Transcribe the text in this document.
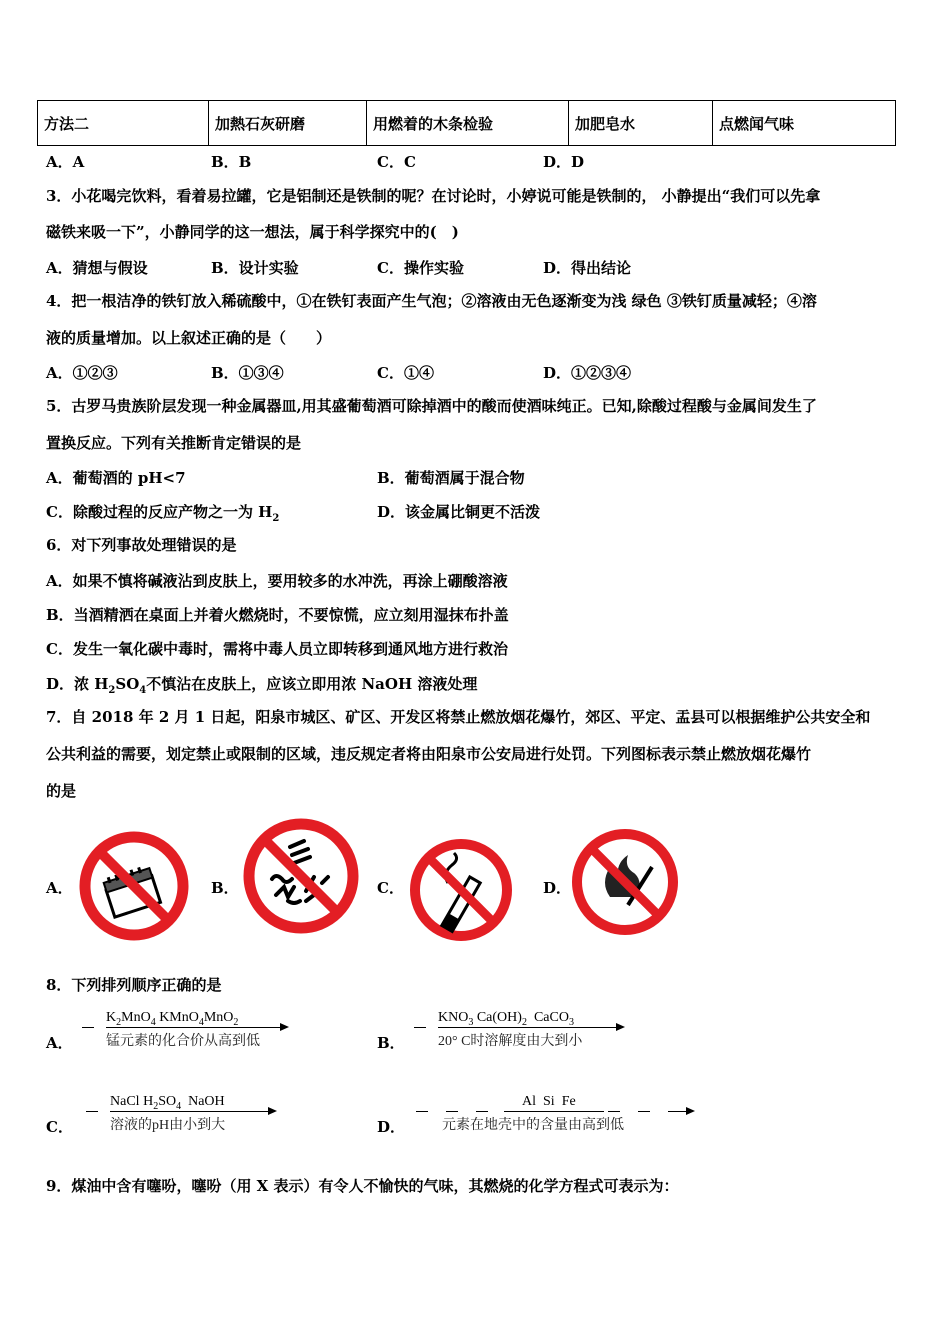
方法二	加熱石灰研磨	用燃着的木条检验	加肥皂水	点燃闻气味
A．A	B．B	C．C	D．D
3．小花喝完饮料，看着易拉罐，它是铝制还是铁制的呢？在讨论时，小婷说可能是铁制的， 小静提出“我们可以先拿
磁铁来吸一下”，小静同学的这一想法，属于科学探究中的(　)
A．猜想与假设	B．设计实验	C．操作实验	D．得出结论
4．把一根洁净的铁钉放入稀硫酸中，①在铁钉表面产生气泡；②溶液由无色逐渐变为浅 绿色 ③铁钉质量减轻；④溶
液的质量增加。以上叙述正确的是（　　）
A．①②③	B．①③④	C．①④	D．①②③④
5．古罗马贵族阶层发现一种金属器皿,用其盛葡萄酒可除掉酒中的酸而使酒味纯正。已知,除酸过程酸与金属间发生了
置换反应。下列有关推断肯定错误的是
A．葡萄酒的 pH<7	B．葡萄酒属于混合物
C．除酸过程的反应产物之一为 $H_2$	D．该金属比铜更不活泼
6．对下列事故处理错误的是
A．如果不慎将碱液沾到皮肤上，要用较多的水冲洗，再涂上硼酸溶液
B．当酒精洒在桌面上并着火燃烧时，不要惊慌，应立刻用湿抹布扑盖
C．发生一氧化碳中毒时，需将中毒人员立即转移到通风地方进行救治
D．浓 $H_2SO_4$不慎沾在皮肤上，应该立即用浓 NaOH 溶液处理
7．自 2018 年 2 月 1 日起，阳泉市城区、矿区、开发区将禁止燃放烟花爆竹，郊区、平定、盂县可以根据维护公共安全和
公共利益的需要，划定禁止或限制的区域，违反规定者将由阳泉市公安局进行处罚。下列图标表示禁止燃放烟花爆竹
的是
A．	B．	C．	D．
8．下列排列顺序正确的是
A．	B．
C．	D．
$K_2MnO_4$ KMnO$_4$MnO$_2$
锰元素的化合价从高到低
$KNO_3$ $Ca(OH)_2$ CaCO$_3$
20° C时溶解度由大到小
NaCl $H_2SO_4$ NaOH
溶液的pH由小到大
Al Si Fe
元素在地壳中的含量由高到低
9．煤油中含有噻吩，噻吩（用 X 表示）有令人不愉快的气味，其燃烧的化学方程式可表示为：
